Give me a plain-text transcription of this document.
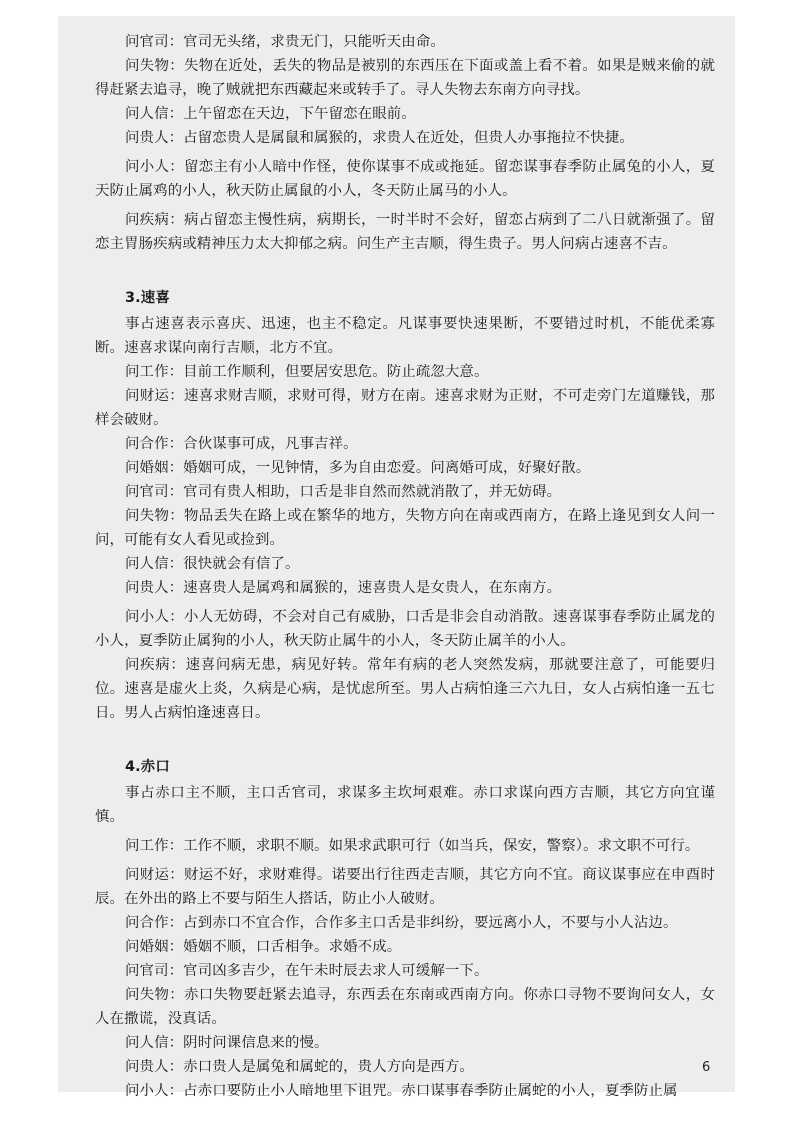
问官司：官司无头绪，求贵无门，只能听天由命。

问失物：失物在近处，丢失的物品是被别的东西压在下面或盖上看不着。如果是贼来偷的就得赶紧去追寻，晚了贼就把东西藏起来或转手了。寻人失物去东南方向寻找。

问人信：上午留恋在天边，下午留恋在眼前。

问贵人：占留恋贵人是属鼠和属猴的，求贵人在近处，但贵人办事拖拉不快捷。

问小人：留恋主有小人暗中作怪，使你谋事不成或拖延。留恋谋事春季防止属兔的小人，夏天防止属鸡的小人，秋天防止属鼠的小人，冬天防止属马的小人。

问疾病：病占留恋主慢性病，病期长，一时半时不会好，留恋占病到了二八日就渐强了。留恋主胃肠疾病或精神压力太大抑郁之病。问生产主吉顺，得生贵子。男人问病占速喜不吉。

3.速喜

事占速喜表示喜庆、迅速，也主不稳定。凡谋事要快速果断，不要错过时机，不能优柔寡断。速喜求谋向南行吉顺，北方不宜。

问工作：目前工作顺利，但要居安思危。防止疏忽大意。

问财运：速喜求财吉顺，求财可得，财方在南。速喜求财为正财，不可走旁门左道赚钱，那样会破财。

问合作：合伙谋事可成，凡事吉祥。

问婚姻：婚姻可成，一见钟情，多为自由恋爱。问离婚可成，好聚好散。

问官司：官司有贵人相助，口舌是非自然而然就消散了，并无妨碍。

问失物：物品丢失在路上或在繁华的地方，失物方向在南或西南方，在路上逢见到女人问一问，可能有女人看见或捡到。

问人信：很快就会有信了。

问贵人：速喜贵人是属鸡和属猴的，速喜贵人是女贵人，在东南方。

问小人：小人无妨碍，不会对自己有威胁，口舌是非会自动消散。速喜谋事春季防止属龙的小人，夏季防止属狗的小人，秋天防止属牛的小人，冬天防止属羊的小人。

问疾病：速喜问病无患，病见好转。常年有病的老人突然发病，那就要注意了，可能要归位。速喜是虚火上炎，久病是心病，是忧虑所至。男人占病怕逢三六九日，女人占病怕逢一五七日。男人占病怕逢速喜日。

4.赤口

事占赤口主不顺，主口舌官司，求谋多主坎坷艰难。赤口求谋向西方吉顺，其它方向宜谨慎。

问工作：工作不顺，求职不顺。如果求武职可行（如当兵，保安，警察）。求文职不可行。

问财运：财运不好，求财难得。诺要出行往西走吉顺，其它方向不宜。商议谋事应在申酉时辰。在外出的路上不要与陌生人搭话，防止小人破财。

问合作：占到赤口不宜合作，合作多主口舌是非纠纷，要远离小人，不要与小人沾边。

问婚姻：婚姻不顺，口舌相争。求婚不成。

问官司：官司凶多吉少，在午未时辰去求人可缓解一下。

问失物：赤口失物要赶紧去追寻，东西丢在东南或西南方向。你赤口寻物不要询问女人，女人在撒谎，没真话。

问人信：阴时问课信息来的慢。

问贵人：赤口贵人是属兔和属蛇的，贵人方向是西方。

问小人：占赤口要防止小人暗地里下诅咒。赤口谋事春季防止属蛇的小人，夏季防止属

6
